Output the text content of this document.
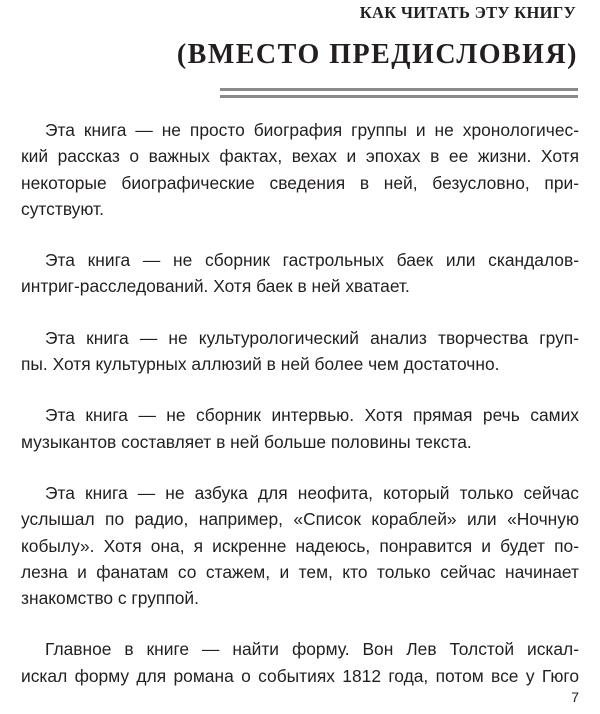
КАК ЧИТАТЬ ЭТУ КНИГУ
(ВМЕСТО ПРЕДИСЛОВИЯ)
Эта книга — не просто биография группы и не хронологичес-
кий рассказ о важных фактах, вехах и эпохах в ее жизни. Хотя
некоторые биографические сведения в ней, безусловно, при-
сутствуют.
Эта книга — не сборник гастрольных баек или скандалов-
интриг-расследований. Хотя баек в ней хватает.
Эта книга — не культурологический анализ творчества груп-
пы. Хотя культурных аллюзий в ней более чем достаточно.
Эта книга — не сборник интервью. Хотя прямая речь самих
музыкантов составляет в ней больше половины текста.
Эта книга — не азбука для неофита, который только сейчас
услышал по радио, например, «Список кораблей» или «Ночную
кобылу». Хотя она, я искренне надеюсь, понравится и будет по-
лезна и фанатам со стажем, и тем, кто только сейчас начинает
знакомство с группой.
Главное в книге — найти форму. Вон Лев Толстой искал-
искал форму для романа о событиях 1812 года, потом все у Гюго
7
